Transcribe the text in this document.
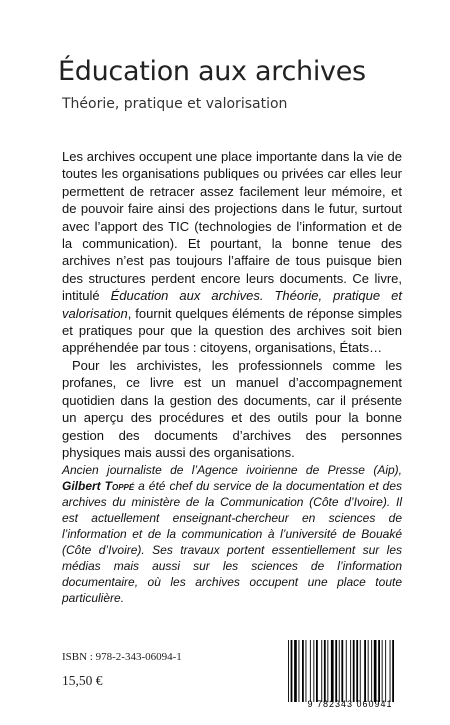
Éducation aux archives
Théorie, pratique et valorisation

Les archives occupent une place importante dans la vie de toutes les organisations publiques ou privées car elles leur permettent de retracer assez facilement leur mémoire, et de pouvoir faire ainsi des projections dans le futur, surtout avec l’apport des TIC (technologies de l’information et de la communication). Et pourtant, la bonne tenue des archives n’est pas toujours l’affaire de tous puisque bien des structures perdent encore leurs documents. Ce livre, intitulé Éducation aux archives. Théorie, pratique et valorisation, fournit quelques éléments de réponse simples et pratiques pour que la question des archives soit bien appréhendée par tous : citoyens, organisations, États…

Pour les archivistes, les professionnels comme les profanes, ce livre est un manuel d’accompagnement quotidien dans la gestion des documents, car il présente un aperçu des procédures et des outils pour la bonne gestion des documents d’archives des personnes physiques mais aussi des organisations.

Ancien journaliste de l’Agence ivoirienne de Presse (Aip), Gilbert Toppé a été chef du service de la documentation et des archives du ministère de la Communication (Côte d’Ivoire). Il est actuellement enseignant-chercheur en sciences de l’information et de la communication à l’université de Bouaké (Côte d’Ivoire). Ses travaux portent essentiellement sur les médias mais aussi sur les sciences de l’information documentaire, où les archives occupent une place toute particulière.
ISBN : 978-2-343-06094-1
15,50 €
9 782343 060941
